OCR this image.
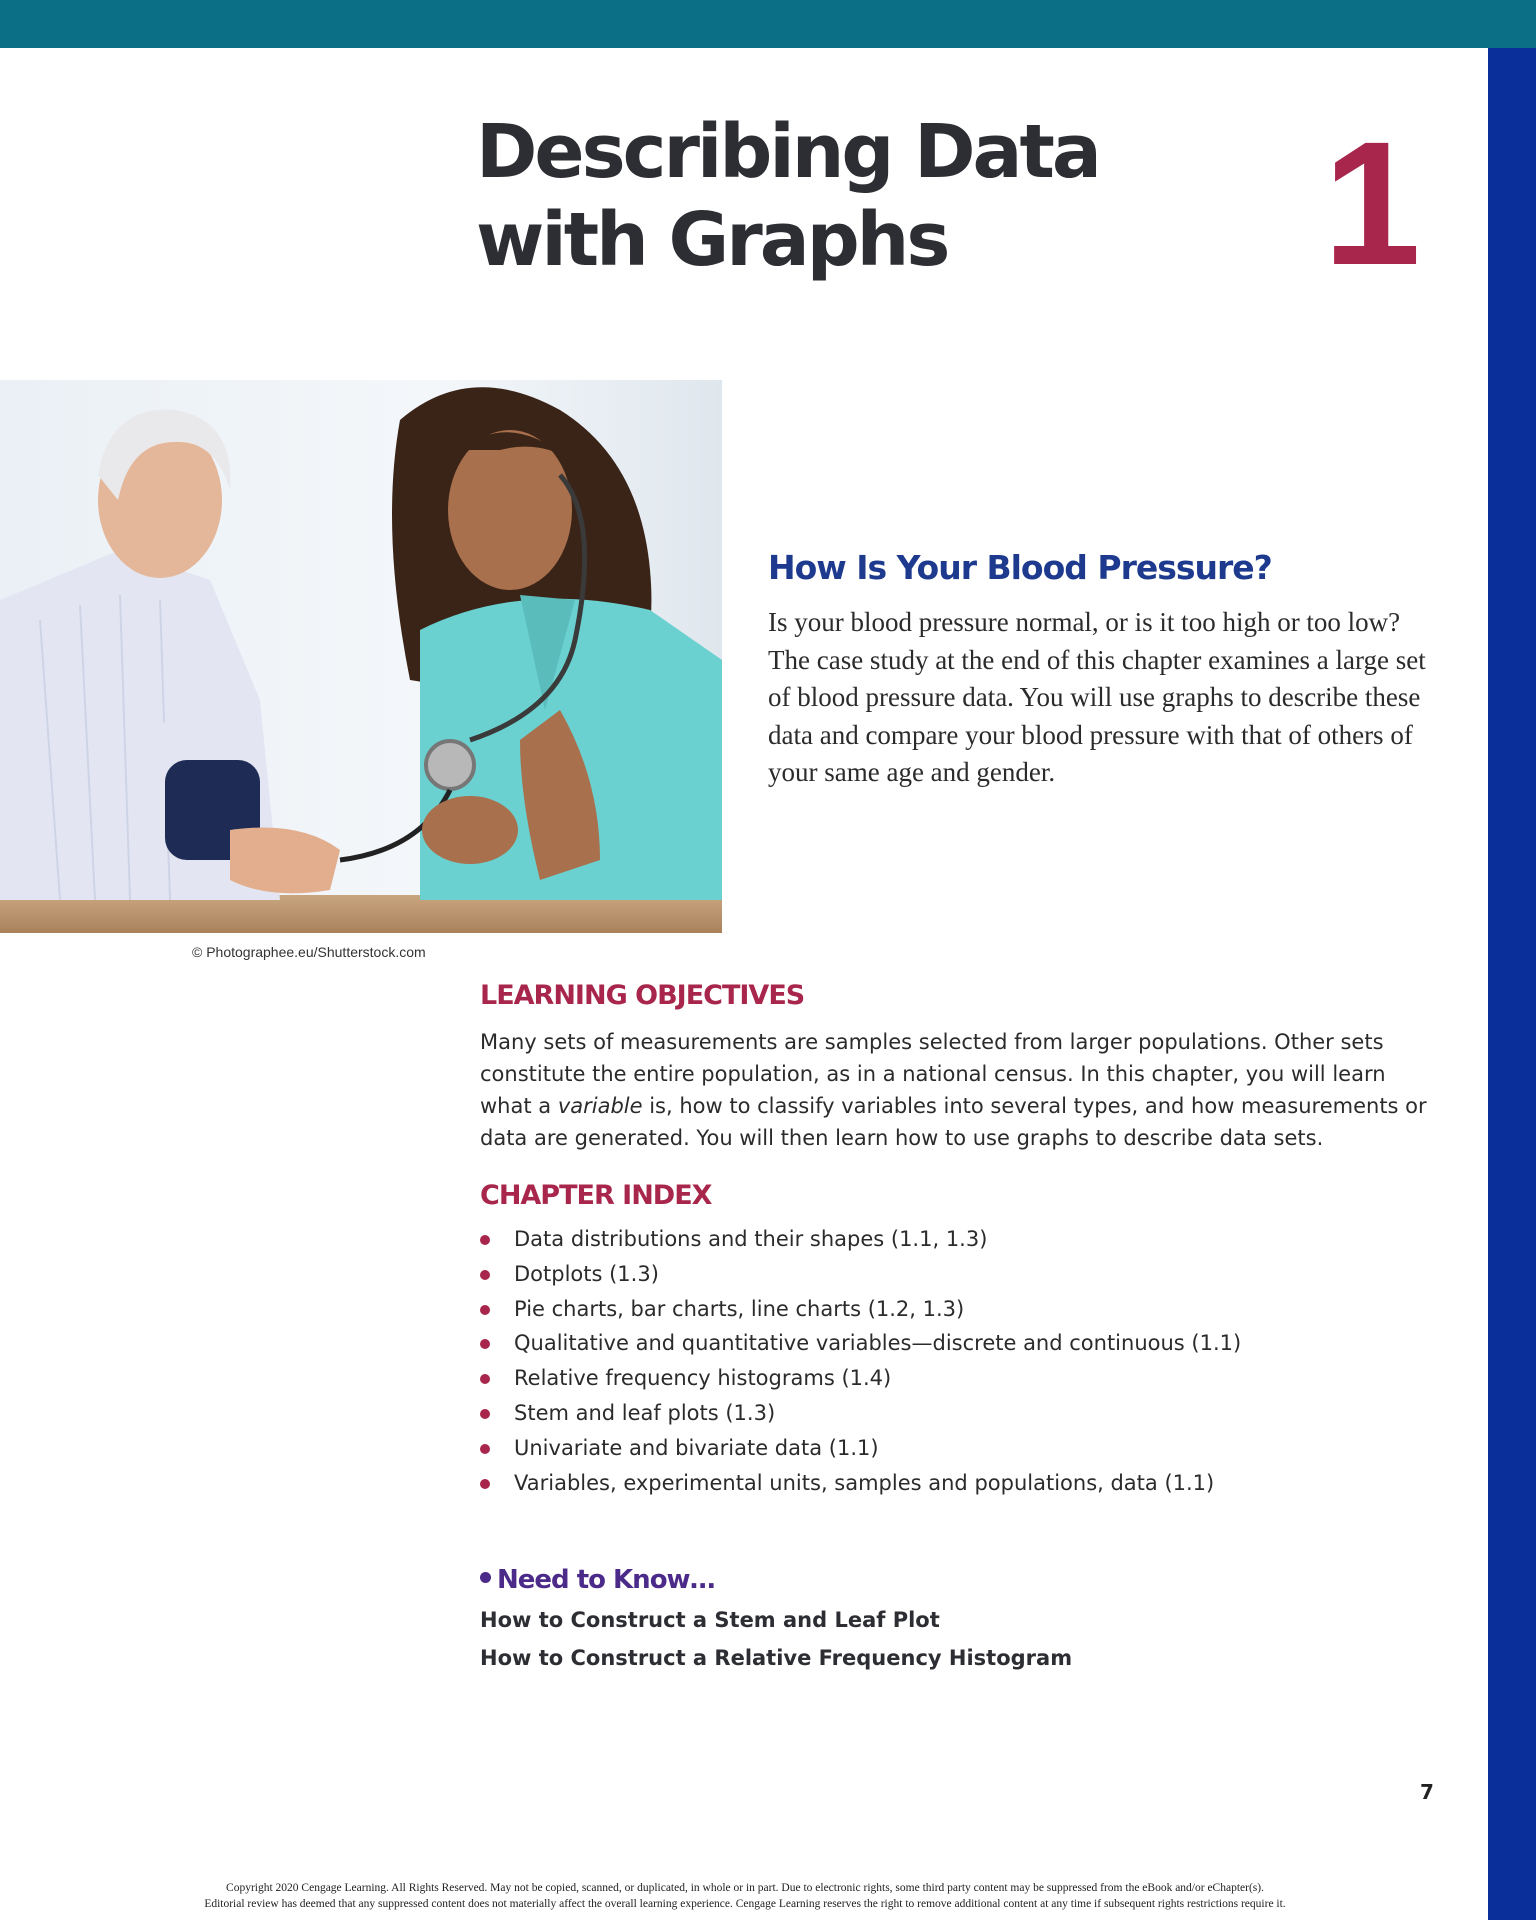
Describing Data
with Graphs	1
© Photographee.eu/Shutterstock.com
How Is Your Blood Pressure?

Is your blood pressure normal, or is it too high or too low? The case study at the end of this chapter examines a large set of blood pressure data. You will use graphs to describe these data and compare your blood pressure with that of others of your same age and gender.

LEARNING OBJECTIVES

Many sets of measurements are samples selected from larger populations. Other sets constitute the entire population, as in a national census. In this chapter, you will learn what a variable is, how to classify variables into several types, and how measurements or data are generated. You will then learn how to use graphs to describe data sets.

CHAPTER INDEX
Data distributions and their shapes (1.1, 1.3)
Dotplots (1.3)
Pie charts, bar charts, line charts (1.2, 1.3)
Qualitative and quantitative variables—discrete and continuous (1.1)
Relative frequency histograms (1.4)
Stem and leaf plots (1.3)
Univariate and bivariate data (1.1)
Variables, experimental units, samples and populations, data (1.1)
Need to Know…
How to Construct a Stem and Leaf Plot
How to Construct a Relative Frequency Histogram
7
Copyright 2020 Cengage Learning. All Rights Reserved. May not be copied, scanned, or duplicated, in whole or in part. Due to electronic rights, some third party content may be suppressed from the eBook and/or eChapter(s).
Editorial review has deemed that any suppressed content does not materially affect the overall learning experience. Cengage Learning reserves the right to remove additional content at any time if subsequent rights restrictions require it.
